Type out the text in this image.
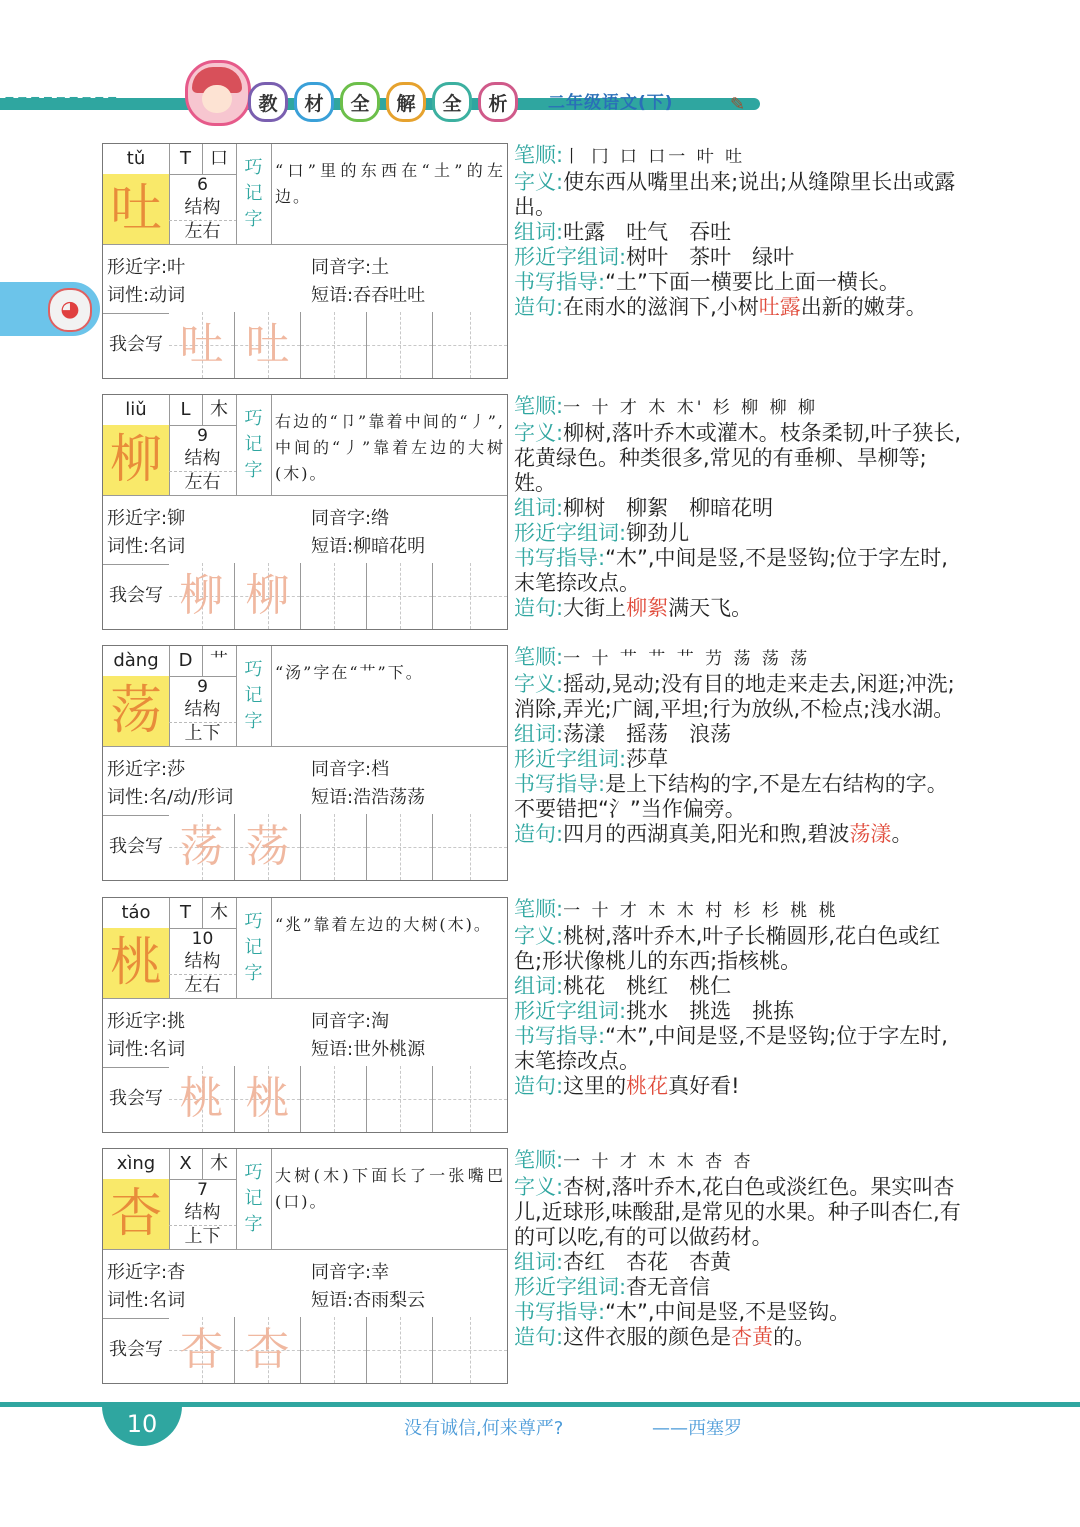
教	材	全	解	全	析	二年级语文(下)	✎
◕
tǔ	T	口
吐	6
结构
左右
巧
记
字
“口”里的东西在“土”的左边。
形近字:叶	同音字:土
词性:动词	短语:吞吞吐吐
我会写 吐 吐

笔顺:丨 冂 口 口一 叶 吐

字义:使东西从嘴里出来;说出;从缝隙里长出或露出。

组词:吐露　吐气　吞吐

形近字组词:树叶　茶叶　绿叶

书写指导:“土”下面一横要比上面一横长。

造句:在雨水的滋润下,小树吐露出新的嫩芽。

liǔ	L	木
柳	9
结构
左右
巧
记
字
右边的“卩”靠着中间的“丿”,中间的“丿”靠着左边的大树(木)。
形近字:铆	同音字:绺
词性:名词	短语:柳暗花明
我会写 柳 柳

笔顺:一 十 才 木 木' 杉 柳 柳 柳

字义:柳树,落叶乔木或灌木。枝条柔韧,叶子狭长,花黄绿色。种类很多,常见的有垂柳、旱柳等;姓。

组词:柳树　柳絮　柳暗花明

形近字组词:铆劲儿

书写指导:“木”,中间是竖,不是竖钩;位于字左时,末笔捺改点。

造句:大街上柳絮满天飞。

dàng	D 艹
荡	9
结构
上下
巧
记
字
“汤”字在“艹”下。
形近字:莎	同音字:档
词性:名/动/形词	短语:浩浩荡荡
我会写 荡 荡

笔顺:一 十 艹 艹 艹 芀 荡 荡 荡

字义:摇动,晃动;没有目的地走来走去,闲逛;冲洗;消除,弄光;广阔,平坦;行为放纵,不检点;浅水湖。

组词:荡漾　摇荡　浪荡

形近字组词:莎草

书写指导:是上下结构的字,不是左右结构的字。不要错把“氵”当作偏旁。

造句:四月的西湖真美,阳光和煦,碧波荡漾。

táo	T	木
桃	10
结构
左右
巧
记
字
“兆”靠着左边的大树(木)。
形近字:挑	同音字:淘
词性:名词	短语:世外桃源
我会写 桃 桃

笔顺:一 十 才 木 木 村 杉 杉 桃 桃

字义:桃树,落叶乔木,叶子长椭圆形,花白色或红色;形状像桃儿的东西;指核桃。

组词:桃花　桃红　桃仁

形近字组词:挑水　挑选　挑拣

书写指导:“木”,中间是竖,不是竖钩;位于字左时,末笔捺改点。

造句:这里的桃花真好看!

xìng	X	木
杏	7
结构
上下
巧
记
字
大树(木)下面长了一张嘴巴(口)。
形近字:杳	同音字:幸
词性:名词	短语:杏雨梨云
我会写 杏 杏

笔顺:一 十 才 木 木 杏 杏

字义:杏树,落叶乔木,花白色或淡红色。果实叫杏儿,近球形,味酸甜,是常见的水果。种子叫杏仁,有的可以吃,有的可以做药材。

组词:杏红　杏花　杏黄

形近字组词:杳无音信

书写指导:“木”,中间是竖,不是竖钩。

造句:这件衣服的颜色是杏黄的。

10	没有诚信,何来尊严?	——西塞罗
